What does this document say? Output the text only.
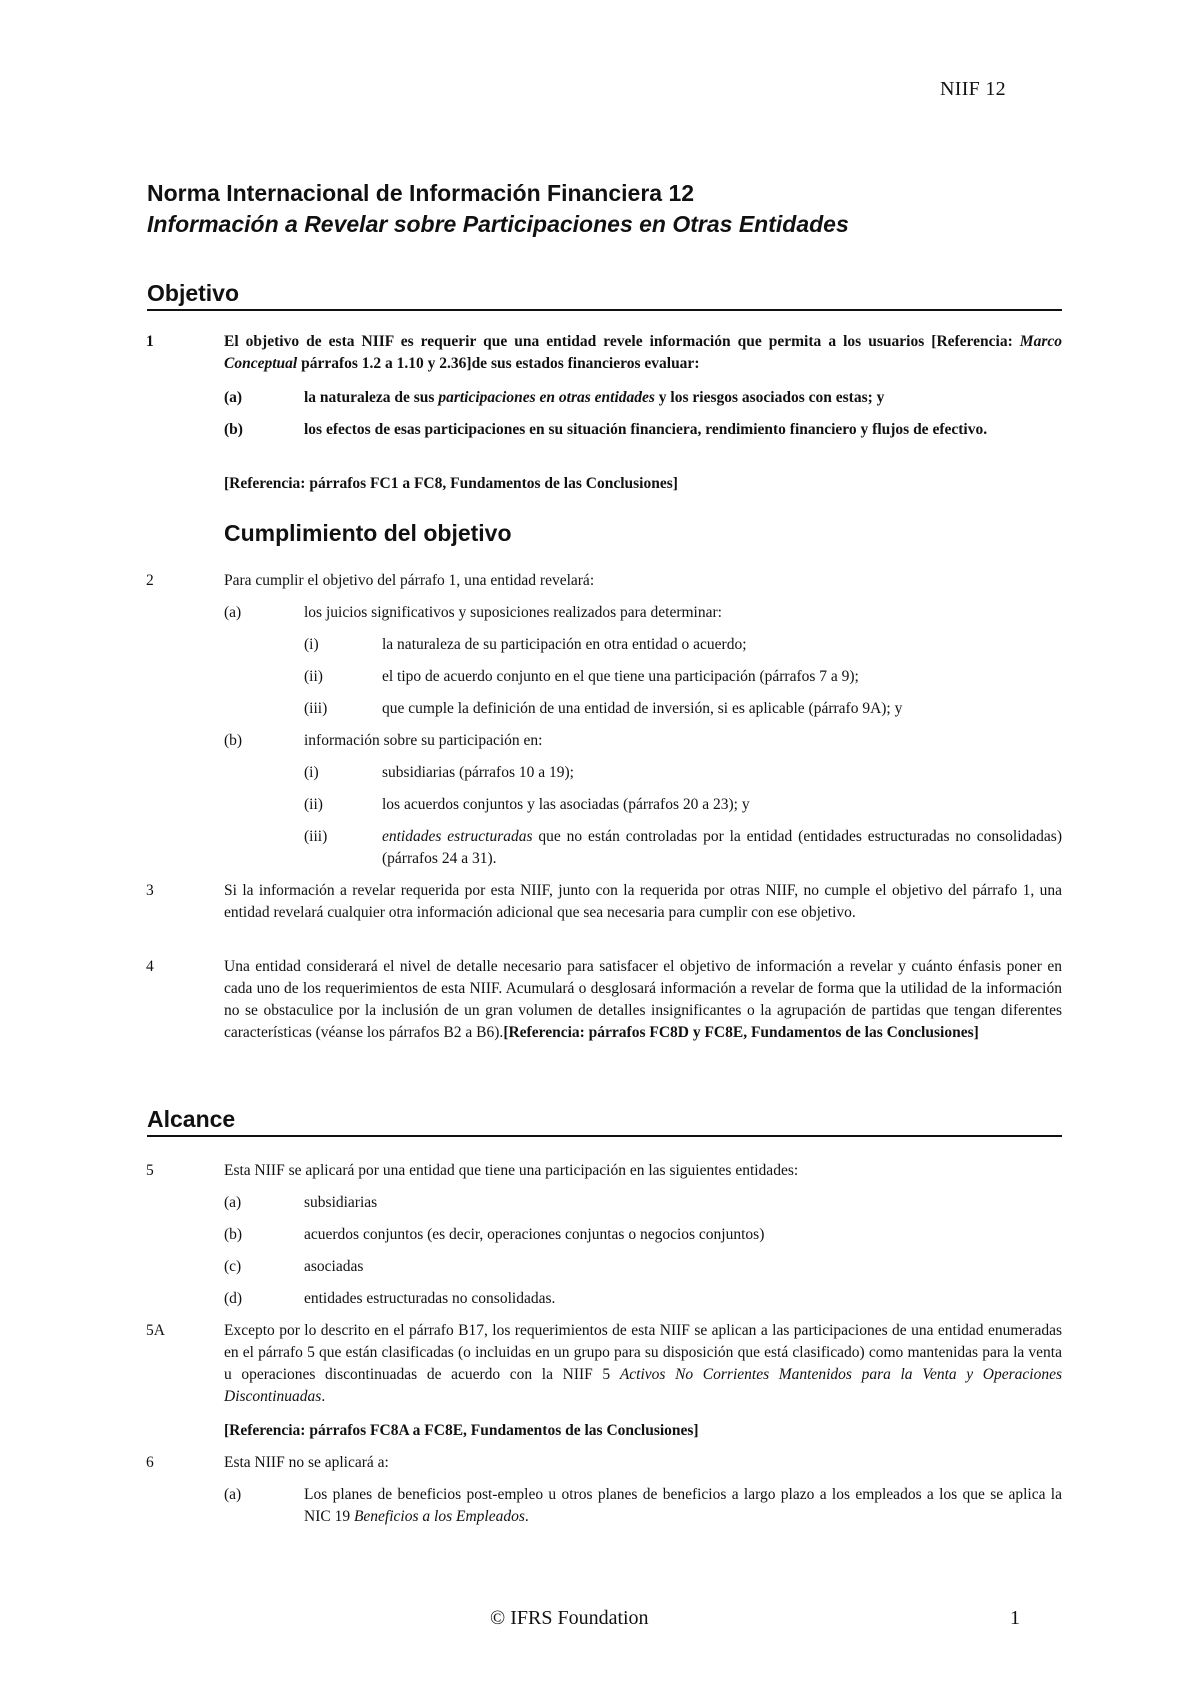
NIIF 12
Norma Internacional de Información Financiera 12
Información a Revelar sobre Participaciones en Otras Entidades
Objetivo
1	El objetivo de esta NIIF es requerir que una entidad revele información que permita a los usuarios [Referencia: Marco Conceptual párrafos 1.2 a 1.10 y 2.36]de sus estados financieros evaluar:
(a)	la naturaleza de sus participaciones en otras entidades y los riesgos asociados con estas; y
(b)	los efectos de esas participaciones en su situación financiera, rendimiento financiero y flujos de efectivo.
[Referencia: párrafos FC1 a FC8, Fundamentos de las Conclusiones]
Cumplimiento del objetivo
2	Para cumplir el objetivo del párrafo 1, una entidad revelará:
(a)	los juicios significativos y suposiciones realizados para determinar:
(i)	la naturaleza de su participación en otra entidad o acuerdo;
(ii)	el tipo de acuerdo conjunto en el que tiene una participación (párrafos 7 a 9);
(iii)	que cumple la definición de una entidad de inversión, si es aplicable (párrafo 9A); y
(b)	información sobre su participación en:
(i)	subsidiarias (párrafos 10 a 19);
(ii)	los acuerdos conjuntos y las asociadas (párrafos 20 a 23); y
(iii)	entidades estructuradas que no están controladas por la entidad (entidades estructuradas no consolidadas) (párrafos 24 a 31).
3	Si la información a revelar requerida por esta NIIF, junto con la requerida por otras NIIF, no cumple el objetivo del párrafo 1, una entidad revelará cualquier otra información adicional que sea necesaria para cumplir con ese objetivo.
4	Una entidad considerará el nivel de detalle necesario para satisfacer el objetivo de información a revelar y cuánto énfasis poner en cada uno de los requerimientos de esta NIIF. Acumulará o desglosará información a revelar de forma que la utilidad de la información no se obstaculice por la inclusión de un gran volumen de detalles insignificantes o la agrupación de partidas que tengan diferentes características (véanse los párrafos B2 a B6).[Referencia: párrafos FC8D y FC8E, Fundamentos de las Conclusiones]
Alcance
5	Esta NIIF se aplicará por una entidad que tiene una participación en las siguientes entidades:
(a)	subsidiarias
(b)	acuerdos conjuntos (es decir, operaciones conjuntas o negocios conjuntos)
(c)	asociadas
(d)	entidades estructuradas no consolidadas.
5A	Excepto por lo descrito en el párrafo B17, los requerimientos de esta NIIF se aplican a las participaciones de una entidad enumeradas en el párrafo 5 que están clasificadas (o incluidas en un grupo para su disposición que está clasificado) como mantenidas para la venta u operaciones discontinuadas de acuerdo con la NIIF 5 Activos No Corrientes Mantenidos para la Venta y Operaciones Discontinuadas.
[Referencia: párrafos FC8A a FC8E, Fundamentos de las Conclusiones]
6	Esta NIIF no se aplicará a:
(a)	Los planes de beneficios post-empleo u otros planes de beneficios a largo plazo a los empleados a los que se aplica la NIC 19 Beneficios a los Empleados.
© IFRS Foundation	1
